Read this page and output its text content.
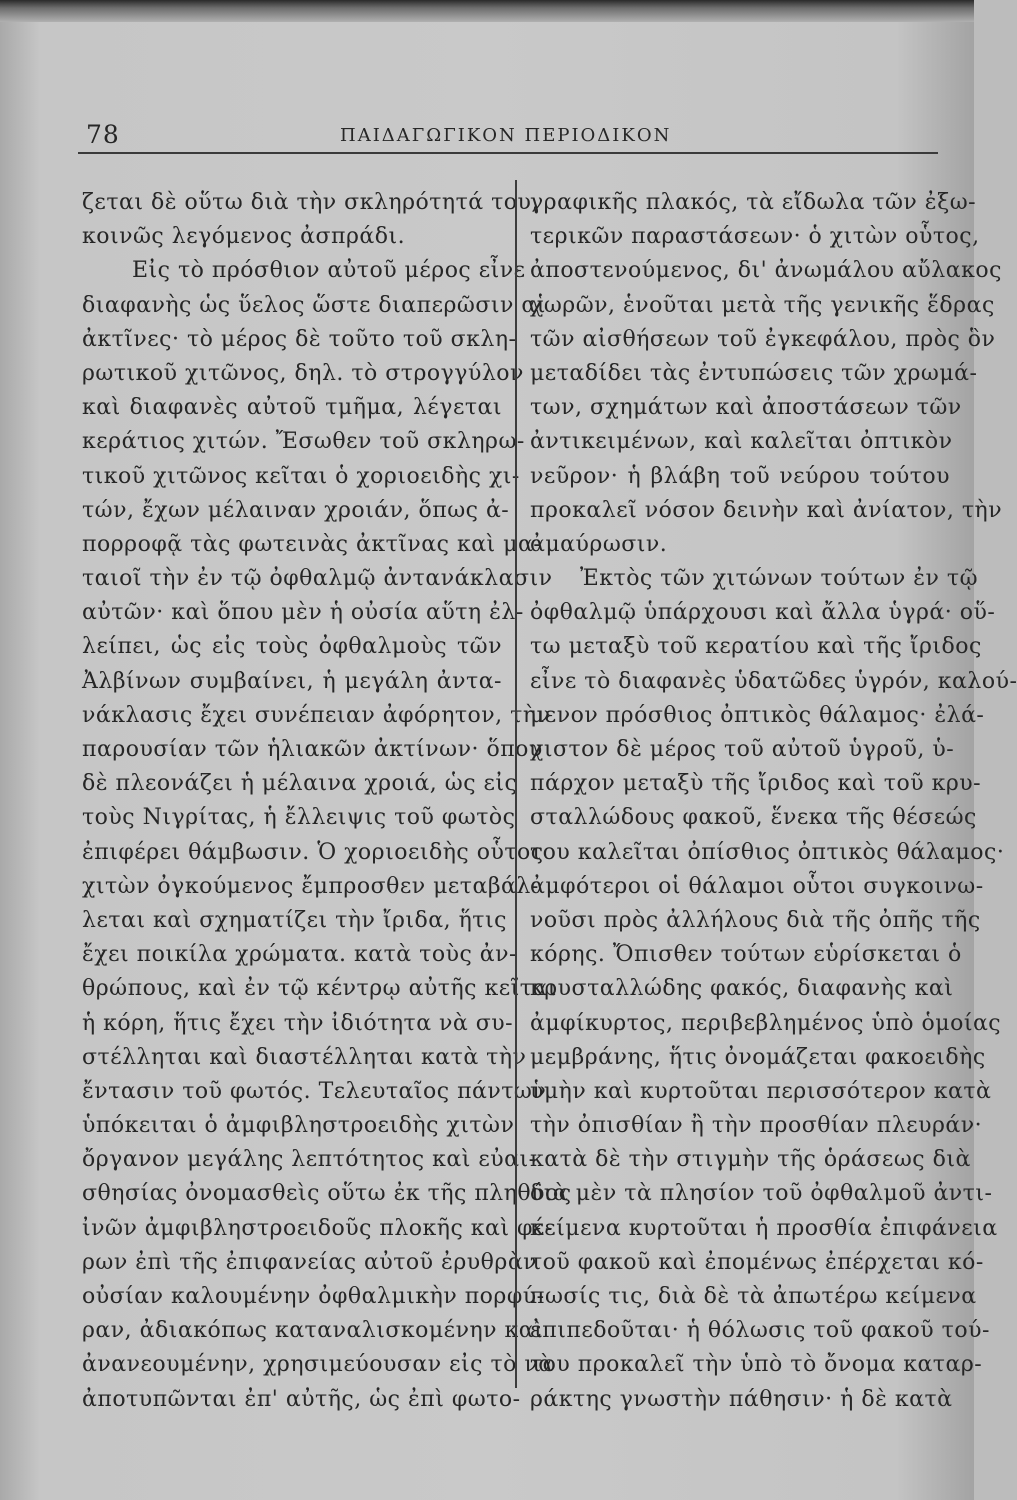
78	ΠΑΙΔΑΓΩΓΙΚΟΝ ΠΕΡΙΟΔΙΚΟΝ
ζεται δὲ οὕτω διὰ τὴν σκληρότητά του,
κοινῶς λεγόμενος ἀσπράδι.
Εἰς τὸ πρόσθιον αὐτοῦ μέρος εἶνε
διαφανὴς ὡς ὕελος ὥστε διαπερῶσιν αἱ
ἀκτῖνες· τὸ μέρος δὲ τοῦτο τοῦ σκλη-
ρωτικοῦ χιτῶνος, δηλ. τὸ στρογγύλον
καὶ διαφανὲς αὐτοῦ τμῆμα, λέγεται
κεράτιος χιτών. Ἔσωθεν τοῦ σκληρω-
τικοῦ χιτῶνος κεῖται ὁ χοριοειδὴς χι-
τών, ἔχων μέλαιναν χροιάν, ὅπως ἀ-
πορροφᾷ τὰς φωτεινὰς ἀκτῖνας καὶ μα-
ταιοῖ τὴν ἐν τῷ ὀφθαλμῷ ἀντανάκλασιν
αὐτῶν· καὶ ὅπου μὲν ἡ οὐσία αὕτη ἐλ-
λείπει, ὡς εἰς τοὺς ὀφθαλμοὺς τῶν
Ἀλβίνων συμβαίνει, ἡ μεγάλη ἀντα-
νάκλασις ἔχει συνέπειαν ἀφόρητον, τὴν
παρουσίαν τῶν ἡλιακῶν ἀκτίνων· ὅπου
δὲ πλεονάζει ἡ μέλαινα χροιά, ὡς εἰς
τοὺς Νιγρίτας, ἡ ἔλλειψις τοῦ φωτὸς
ἐπιφέρει θάμβωσιν. Ὁ χοριοειδὴς οὗτος
χιτὼν ὀγκούμενος ἔμπροσθεν μεταβάλ-
λεται καὶ σχηματίζει τὴν ἴριδα, ἥτις
ἔχει ποικίλα χρώματα. κατὰ τοὺς ἀν-
θρώπους, καὶ ἐν τῷ κέντρῳ αὐτῆς κεῖται
ἡ κόρη, ἥτις ἔχει τὴν ἰδιότητα νὰ συ-
στέλληται καὶ διαστέλληται κατὰ τὴν
ἔντασιν τοῦ φωτός. Τελευταῖος πάντων
ὑπόκειται ὁ ἀμφιβληστροειδὴς χιτὼν
ὄργανον μεγάλης λεπτότητος καὶ εὐαι-
σθησίας ὀνομασθεὶς οὕτω ἐκ τῆς πληθύος
ἰνῶν ἀμφιβληστροειδοῦς πλοκῆς καὶ φέ-
ρων ἐπὶ τῆς ἐπιφανείας αὐτοῦ ἐρυθρὰν
οὐσίαν καλουμένην ὀφθαλμικὴν πορφύ-
ραν, ἀδιακόπως καταναλισκομένην καὶ
ἀνανεουμένην, χρησιμεύουσαν εἰς τὸ νὰ
ἀποτυπῶνται ἐπ' αὐτῆς, ὡς ἐπὶ φωτο-
γραφικῆς πλακός, τὰ εἴδωλα τῶν ἐξω-
τερικῶν παραστάσεων· ὁ χιτὼν οὗτος,
ἀποστενούμενος, δι' ἀνωμάλου αὔλακος
χωρῶν, ἑνοῦται μετὰ τῆς γενικῆς ἕδρας
τῶν αἰσθήσεων τοῦ ἐγκεφάλου, πρὸς ὃν
μεταδίδει τὰς ἐντυπώσεις τῶν χρωμά-
των, σχημάτων καὶ ἀποστάσεων τῶν
ἀντικειμένων, καὶ καλεῖται ὀπτικὸν
νεῦρον· ἡ βλάβη τοῦ νεύρου τούτου
προκαλεῖ νόσον δεινὴν καὶ ἀνίατον, τὴν
ἀμαύρωσιν.
Ἐκτὸς τῶν χιτώνων τούτων ἐν τῷ
ὀφθαλμῷ ὑπάρχουσι καὶ ἄλλα ὑγρά· οὕ-
τω μεταξὺ τοῦ κερατίου καὶ τῆς ἴριδος
εἶνε τὸ διαφανὲς ὑδατῶδες ὑγρόν, καλού-
μενον πρόσθιος ὀπτικὸς θάλαμος· ἐλά-
χιστον δὲ μέρος τοῦ αὐτοῦ ὑγροῦ, ὑ-
πάρχον μεταξὺ τῆς ἴριδος καὶ τοῦ κρυ-
σταλλώδους φακοῦ, ἕνεκα τῆς θέσεώς
του καλεῖται ὀπίσθιος ὀπτικὸς θάλαμος·
ἀμφότεροι οἱ θάλαμοι οὗτοι συγκοινω-
νοῦσι πρὸς ἀλλήλους διὰ τῆς ὀπῆς τῆς
κόρης. Ὄπισθεν τούτων εὑρίσκεται ὁ
κρυσταλλώδης φακός, διαφανὴς καὶ
ἀμφίκυρτος, περιβεβλημένος ὑπὸ ὁμοίας
μεμβράνης, ἥτις ὀνομάζεται φακοειδὴς
ὑμὴν καὶ κυρτοῦται περισσότερον κατὰ
τὴν ὀπισθίαν ἢ τὴν προσθίαν πλευράν·
κατὰ δὲ τὴν στιγμὴν τῆς ὁράσεως διὰ
διὰ μὲν τὰ πλησίον τοῦ ὀφθαλμοῦ ἀντι-
κείμενα κυρτοῦται ἡ προσθία ἐπιφάνεια
τοῦ φακοῦ καὶ ἐπομένως ἐπέρχεται κό-
πωσίς τις, διὰ δὲ τὰ ἀπωτέρω κείμενα
ἐπιπεδοῦται· ἡ θόλωσις τοῦ φακοῦ τού-
του προκαλεῖ τὴν ὑπὸ τὸ ὄνομα καταρ-
ράκτης γνωστὴν πάθησιν· ἡ δὲ κατὰ
